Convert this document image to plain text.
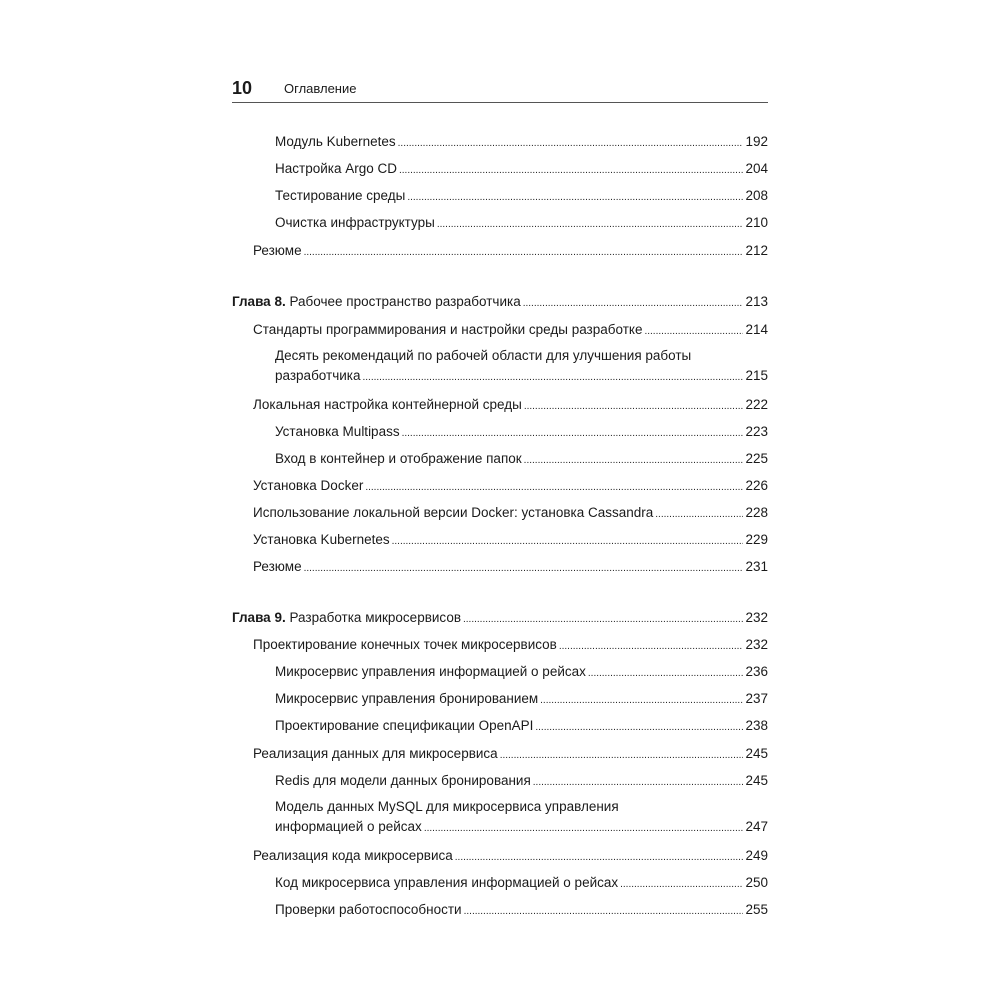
10 Оглавление
Модуль Kubernetes .....	192
Настройка Argo CD .....	204
Тестирование среды .....	208
Очистка инфраструктуры .....	210
Резюме .....	212
Глава 8. Рабочее пространство разработчика .....	213
Стандарты программирования и настройки среды разработке .....	214
Десять рекомендаций по рабочей области для улучшения работы
разработчика .....	215
Локальная настройка контейнерной среды .....	222
Установка Multipass .....	223
Вход в контейнер и отображение папок .....	225
Установка Docker .....	226
Использование локальной версии Docker: установка Cassandra .....	228
Установка Kubernetes .....	229
Резюме .....	231
Глава 9. Разработка микросервисов .....	232
Проектирование конечных точек микросервисов .....	232
Микросервис управления информацией о рейсах .....	236
Микросервис управления бронированием .....	237
Проектирование спецификации OpenAPI .....	238
Реализация данных для микросервиса .....	245
Redis для модели данных бронирования .....	245
Модель данных MySQL для микросервиса управления
информацией о рейсах .....	247
Реализация кода микросервиса .....	249
Код микросервиса управления информацией о рейсах .....	250
Проверки работоспособности .....	255
